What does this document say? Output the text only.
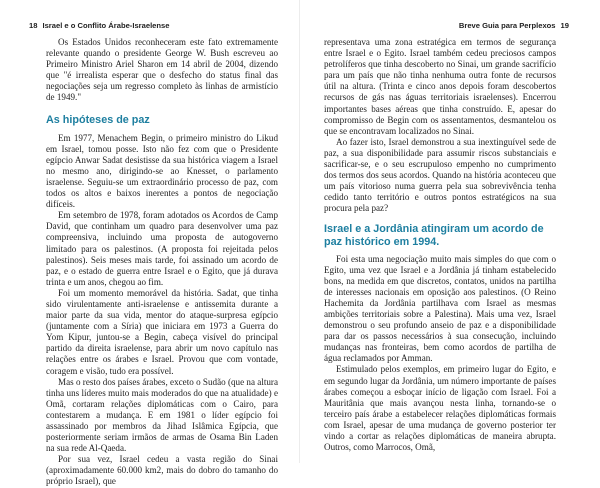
18 Israel e o Conflito Árabe-Israelense

Os Estados Unidos reconheceram este fato extremamente relevante quando o presidente George W. Bush escreveu ao Primeiro Ministro Ariel Sharon em 14 abril de 2004, dizendo que "é irrealista esperar que o desfecho do status final das negociações seja um regresso completo às linhas de armistício de 1949."

As hipóteses de paz

Em 1977, Menachem Begin, o primeiro ministro do Likud em Israel, tomou posse. Isto não fez com que o Presidente egípcio Anwar Sadat desistisse da sua histórica viagem a Israel no mesmo ano, dirigindo-se ao Knesset, o parlamento israelense. Seguiu-se um extraordinário processo de paz, com todos os altos e baixos inerentes a pontos de negociação difíceis.

Em setembro de 1978, foram adotados os Acordos de Camp David, que continham um quadro para desenvolver uma paz compreensiva, incluindo uma proposta de autogoverno limitado para os palestinos. (A proposta foi rejeitada pelos palestinos). Seis meses mais tarde, foi assinado um acordo de paz, e o estado de guerra entre Israel e o Egito, que já durava trinta e um anos, chegou ao fim.

Foi um momento memorável da história. Sadat, que tinha sido virulentamente anti-israelense e antissemita durante a maior parte da sua vida, mentor do ataque-surpresa egípcio (juntamente com a Síria) que iniciara em 1973 a Guerra do Yom Kipur, juntou-se a Begin, cabeça visível do principal partido da direita israelense, para abrir um novo capítulo nas relações entre os árabes e Israel. Provou que com vontade, coragem e visão, tudo era possível.

Mas o resto dos países árabes, exceto o Sudão (que na altura tinha uns líderes muito mais moderados do que na atualidade) e Omã, cortaram relações diplomáticas com o Cairo, para contestarem a mudança. E em 1981 o líder egípcio foi assassinado por membros da Jihad Islâmica Egípcia, que posteriormente seriam irmãos de armas de Osama Bin Laden na sua rede Al-Qaeda.

Por sua vez, Israel cedeu a vasta região do Sinai (aproximadamente 60.000 km2, mais do dobro do tamanho do próprio Israel), que

Breve Guia para Perplexos 19

representava uma zona estratégica em termos de segurança entre Israel e o Egito. Israel também cedeu preciosos campos petrolíferos que tinha descoberto no Sinai, um grande sacrifício para um país que não tinha nenhuma outra fonte de recursos útil na altura. (Trinta e cinco anos depois foram descobertos recursos de gás nas águas territoriais israelenses). Encerrou importantes bases aéreas que tinha construído. E, apesar do compromisso de Begin com os assentamentos, desmantelou os que se encontravam localizados no Sinai.

Ao fazer isto, Israel demonstrou a sua inextinguível sede de paz, a sua disponibilidade para assumir riscos substanciais e sacrificar-se, e o seu escrupuloso empenho no cumprimento dos termos dos seus acordos. Quando na história aconteceu que um país vitorioso numa guerra pela sua sobrevivência tenha cedido tanto território e outros pontos estratégicos na sua procura pela paz?

Israel e a Jordânia atingiram um acordo de paz histórico em 1994.

Foi esta uma negociação muito mais simples do que com o Egito, uma vez que Israel e a Jordânia já tinham estabelecido bons, na medida em que discretos, contatos, unidos na partilha de interesses nacionais em oposição aos palestinos. (O Reino Hachemita da Jordânia partilhava com Israel as mesmas ambições territoriais sobre a Palestina). Mais uma vez, Israel demonstrou o seu profundo anseio de paz e a disponibilidade para dar os passos necessários à sua consecução, incluindo mudanças nas fronteiras, bem como acordos de partilha de água reclamados por Amman.

Estimulado pelos exemplos, em primeiro lugar do Egito, e em segundo lugar da Jordânia, um número importante de países árabes começou a esboçar início de ligação com Israel. Foi a Mauritânia que mais avançou nesta linha, tornando-se o terceiro país árabe a estabelecer relações diplomáticas formais com Israel, apesar de uma mudança de governo posterior ter vindo a cortar as relações diplomáticas de maneira abrupta. Outros, como Marrocos, Omã,
